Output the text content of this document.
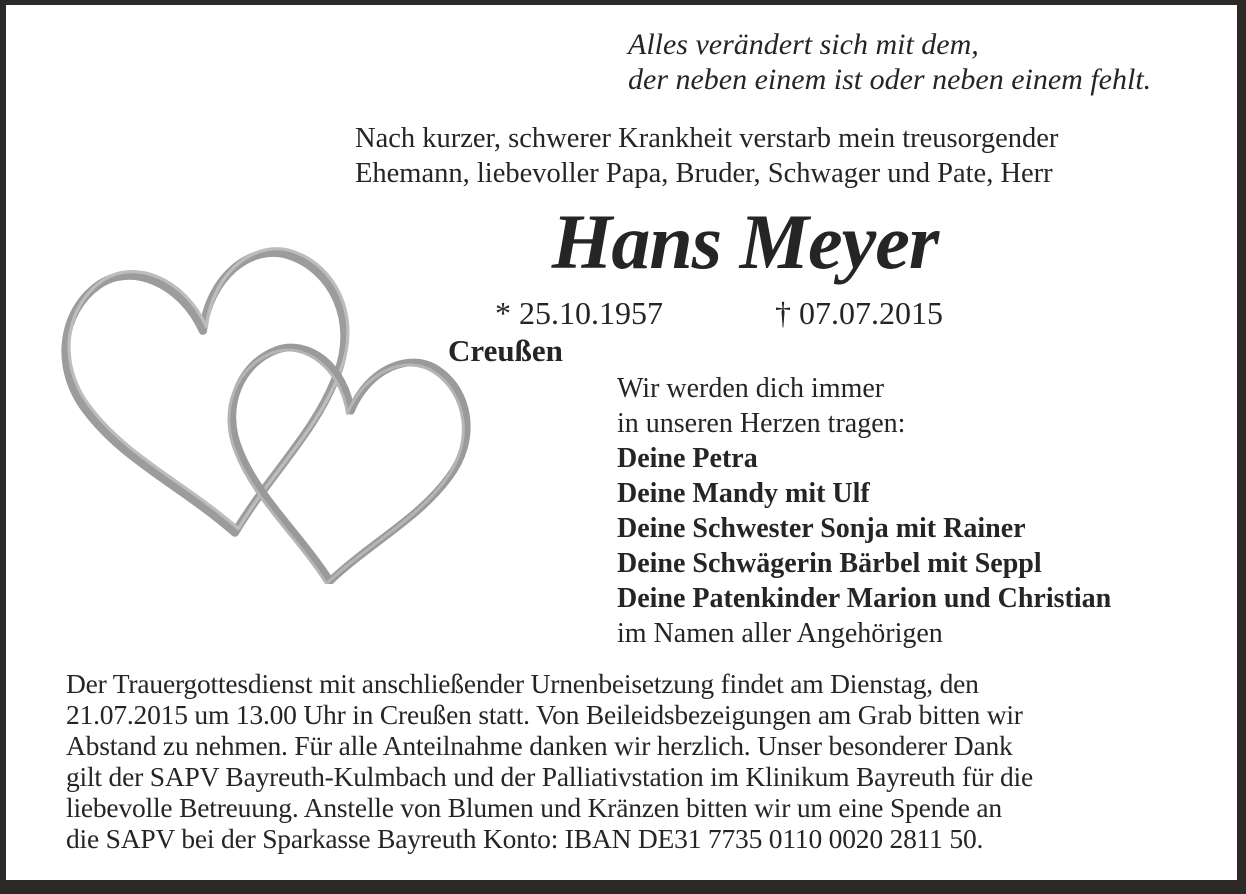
Alles verändert sich mit dem,
der neben einem ist oder neben einem fehlt.
Nach kurzer, schwerer Krankheit verstarb mein treusorgender
Ehemann, liebevoller Papa, Bruder, Schwager und Pate, Herr
Hans Meyer
* 25.10.1957	† 07.07.2015
Creußen
Wir werden dich immer
in unseren Herzen tragen:
Deine Petra
Deine Mandy mit Ulf
Deine Schwester Sonja mit Rainer
Deine Schwägerin Bärbel mit Seppl
Deine Patenkinder Marion und Christian
im Namen aller Angehörigen
Der Trauergottesdienst mit anschließender Urnenbeisetzung findet am Dienstag, den
21.07.2015 um 13.00 Uhr in Creußen statt. Von Beileidsbezeigungen am Grab bitten wir
Abstand zu nehmen. Für alle Anteilnahme danken wir herzlich. Unser besonderer Dank
gilt der SAPV Bayreuth-Kulmbach und der Palliativstation im Klinikum Bayreuth für die
liebevolle Betreuung. Anstelle von Blumen und Kränzen bitten wir um eine Spende an
die SAPV bei der Sparkasse Bayreuth Konto: IBAN DE31 7735 0110 0020 2811 50.
